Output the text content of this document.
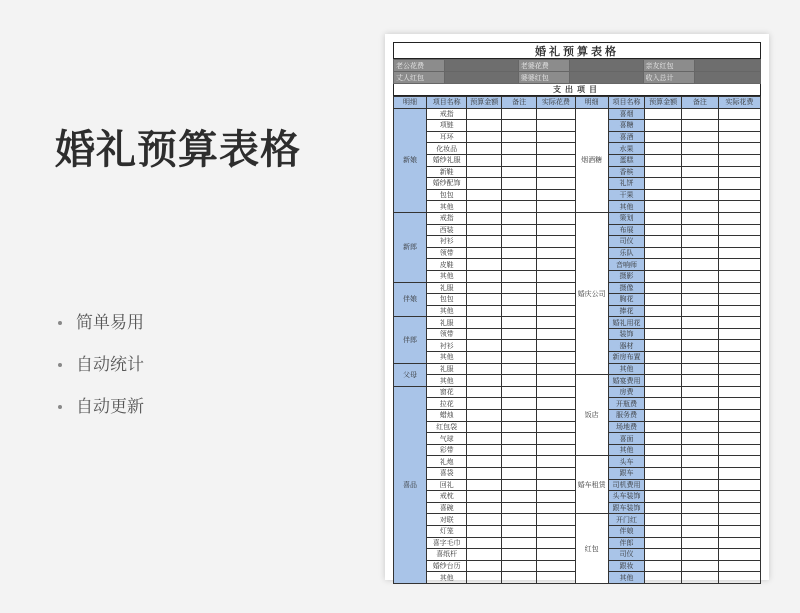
婚礼预算表格
简单易用
自动统计
自动更新
婚礼预算表格
老公花费		老婆花费		亲友红包	
丈人红包		婆婆红包		收入总计	
支出项目
明细	项目名称	预算金额	备注	实际花费	明细	项目名称	预算金额	备注	实际花费
新娘	戒指				烟酒糖	喜烟			
	项链					喜糖			
	耳环					喜酒			
	化妆品					水果			
	婚纱礼服					蛋糕			
	新鞋					香槟			
	婚纱配饰					礼饼			
	包包					干果			
	其他					其他			
新郎	戒指				婚庆公司	策划			
	西装					布展			
	衬衫					司仪			
	领带					乐队			
	皮鞋					音响师			
	其他					摄影			
伴娘	礼服					摄像			
	包包					胸花			
	其他					捧花			
伴郎	礼服					婚礼用花			
	领带					装饰			
	衬衫					器材			
	其他					新房布置			
父母	礼服					其他			
	其他				饭店	婚宴费用			
喜品	窗花					房费			
	拉花					开瓶费			
	蜡烛					服务费			
	红包袋					场地费			
	气球					喜面			
	彩带					其他			
	礼炮				婚车租赁	头车			
	喜袋					跟车			
	回礼					司机费用			
	戒枕					头车装饰			
	喜碗					跟车装饰			
	对联				红包	开门红			
	灯笼					伴娘			
	喜字毛巾					伴郎			
	喜纸杆					司仪			
	婚纱台历					跟妆			
	其他					其他			
